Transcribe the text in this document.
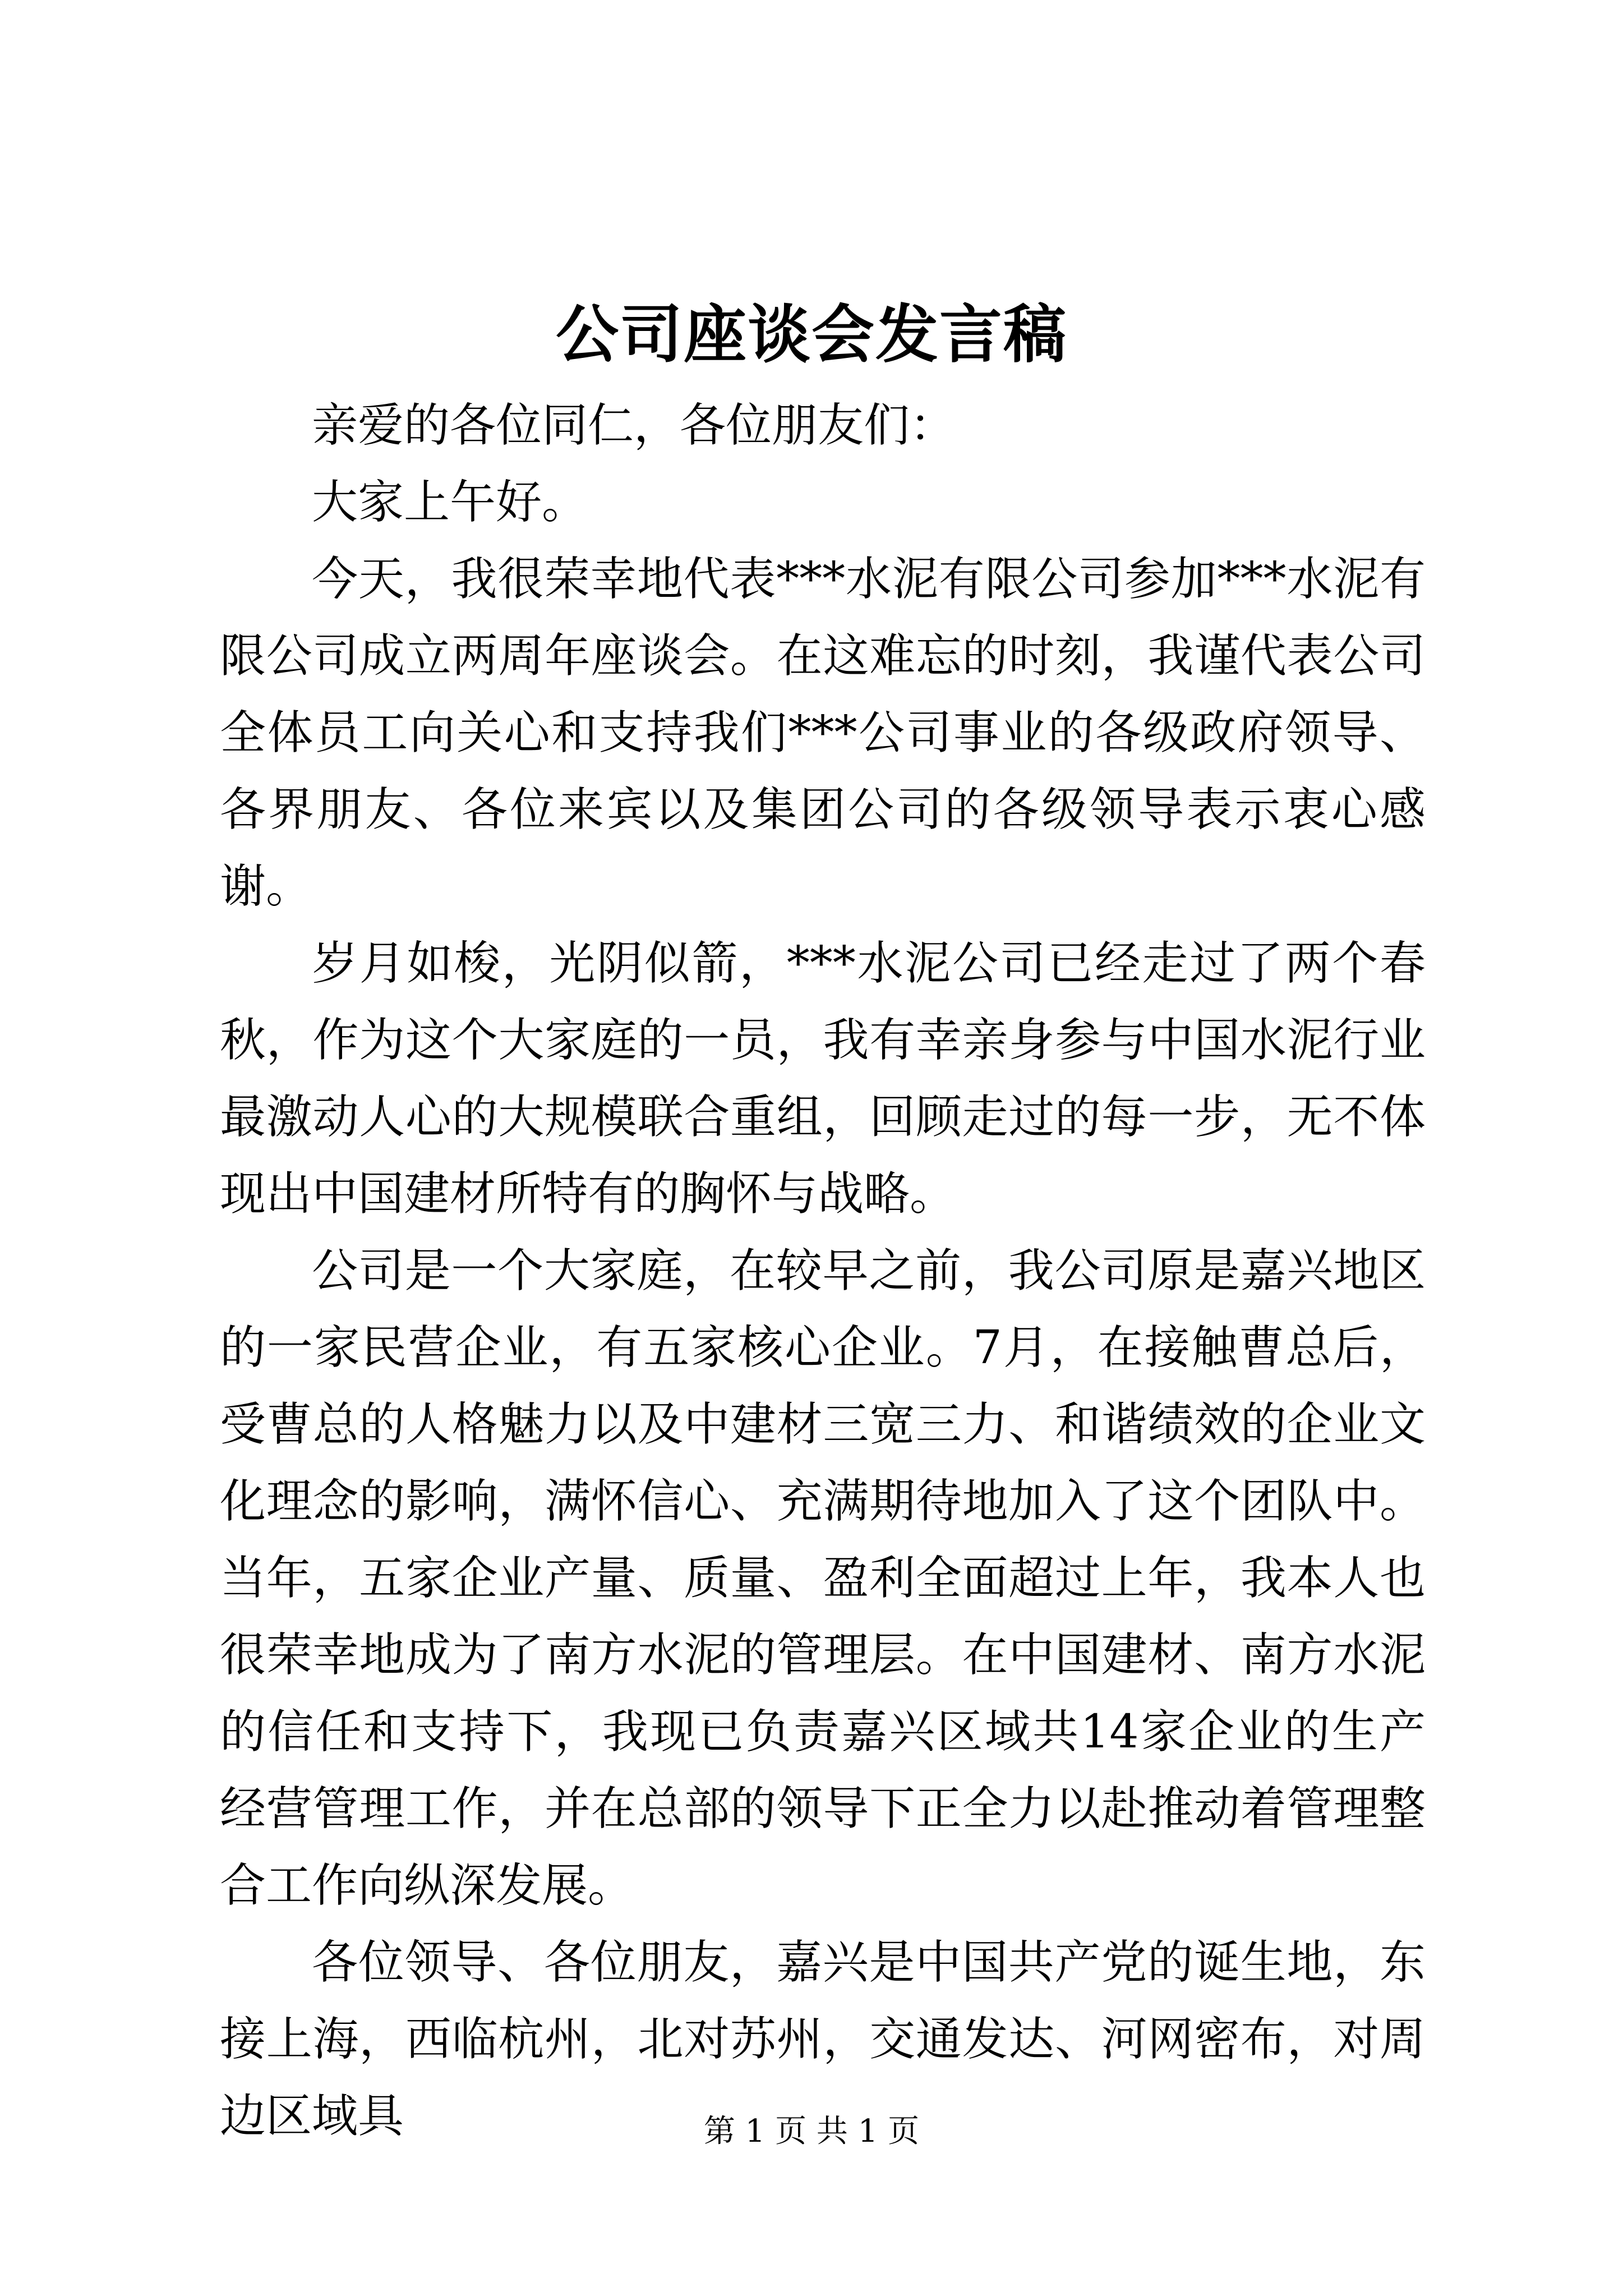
公司座谈会发言稿

亲爱的各位同仁，各位朋友们：

大家上午好。

今天，我很荣幸地代表***水泥有限公司参加***水泥有限公司成立两周年座谈会。在这难忘的时刻，我谨代表公司全体员工向关心和支持我们***公司事业的各级政府领导、各界朋友、各位来宾以及集团公司的各级领导表示衷心感谢。

岁月如梭，光阴似箭，***水泥公司已经走过了两个春秋，作为这个大家庭的一员，我有幸亲身参与中国水泥行业最激动人心的大规模联合重组，回顾走过的每一步，无不体现出中国建材所特有的胸怀与战略。

公司是一个大家庭，在较早之前，我公司原是嘉兴地区的一家民营企业，有五家核心企业。7月，在接触曹总后，受曹总的人格魅力以及中建材三宽三力、和谐绩效的企业文化理念的影响，满怀信心、充满期待地加入了这个团队中。当年，五家企业产量、质量、盈利全面超过上年，我本人也很荣幸地成为了南方水泥的管理层。在中国建材、南方水泥的信任和支持下，我现已负责嘉兴区域共14家企业的生产经营管理工作，并在总部的领导下正全力以赴推动着管理整合工作向纵深发展。

各位领导、各位朋友，嘉兴是中国共产党的诞生地，东接上海，西临杭州，北对苏州，交通发达、河网密布，对周边区域具	第 1 页 共 1 页
